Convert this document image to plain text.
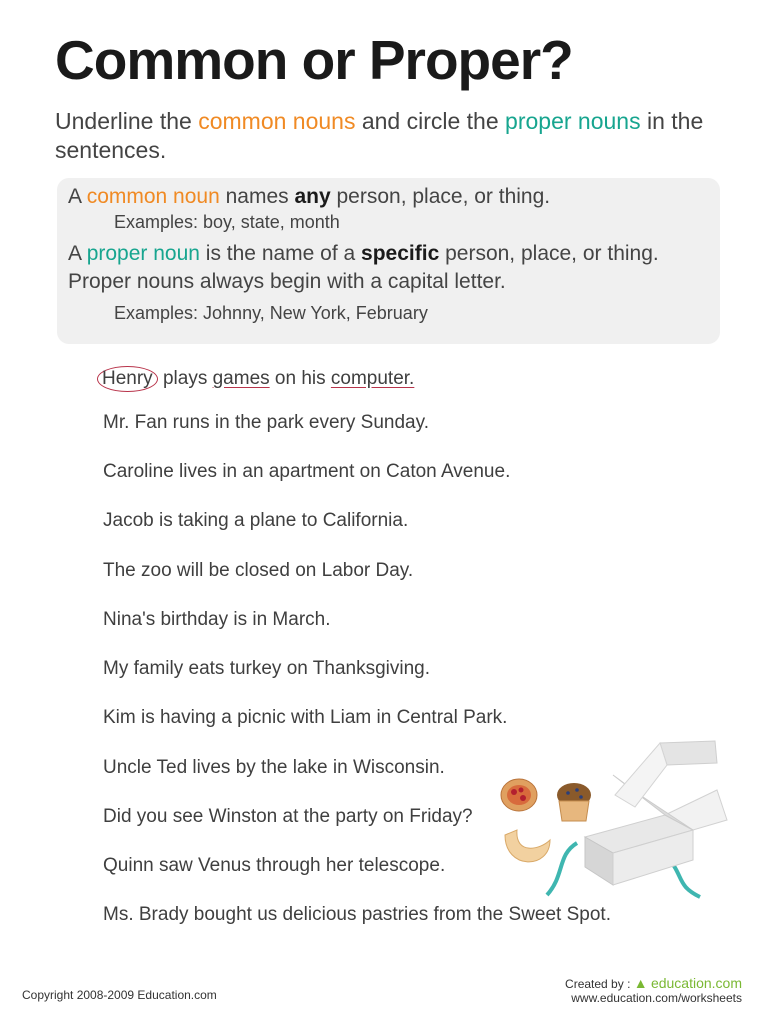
Common or Proper?
Underline the common nouns and circle the proper nouns in the sentences.
A common noun names any person, place, or thing.
Examples: boy, state, month
A proper noun is the name of a specific person, place, or thing.
Proper nouns always begin with a capital letter.
Examples: Johnny, New York, February
Henry plays games on his computer.
Mr. Fan runs in the park every Sunday.
Caroline lives in an apartment on Caton Avenue.
Jacob is taking a plane to California.
The zoo will be closed on Labor Day.
Nina's birthday is in March.
My family eats turkey on Thanksgiving.
Kim is having a picnic with Liam in Central Park.
Uncle Ted lives by the lake in Wisconsin.
Did you see Winston at the party on Friday?
Quinn saw Venus through her telescope.
Ms. Brady bought us delicious pastries from the Sweet Spot.
Copyright 2008-2009 Education.com
Created by : ▲ education.com
www.education.com/worksheets
